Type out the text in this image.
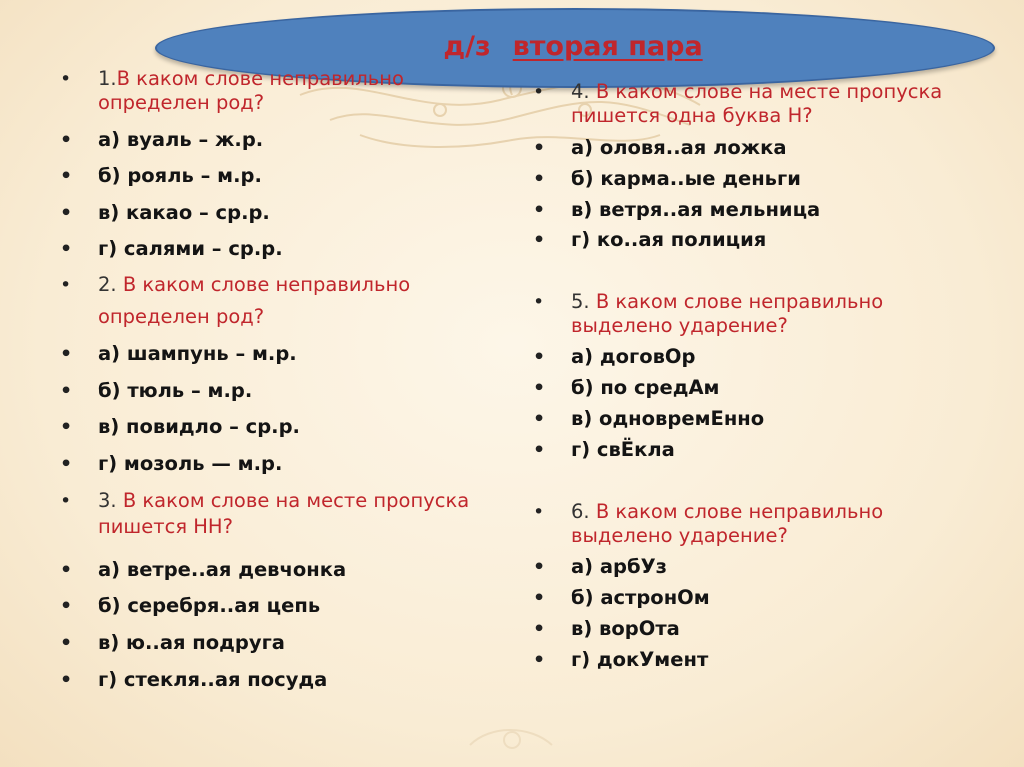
д/з вторая пара
• 1.В каком слове неправильно
определен род?
• а) вуаль – ж.р.
• б) рояль – м.р.
• в) какао – ср.р.
• г) салями – ср.р.
• 2. В каком слове неправильно
определен род?
• а) шампунь – м.р.
• б) тюль – м.р.
• в) повидло – ср.р.
• г) мозоль — м.р.
• 3. В каком слове на месте пропуска
пишется НН?
• а) ветре..ая девчонка
• б) серебря..ая цепь
• в) ю..ая подруга
• г) стекля..ая посуда
• 4. В каком слове на месте пропуска
пишется одна буква Н?
• а) оловя..ая ложка
• б) карма..ые деньги
• в) ветря..ая мельница
• г) ко..ая полиция
• 5. В каком слове неправильно
выделено ударение?
• а) договОр
• б) по средАм
• в) одновремЕнно
• г) свЁкла
• 6. В каком слове неправильно
выделено ударение?
• а) арбУз
• б) астронОм
• в) ворОта
• г) докУмент
